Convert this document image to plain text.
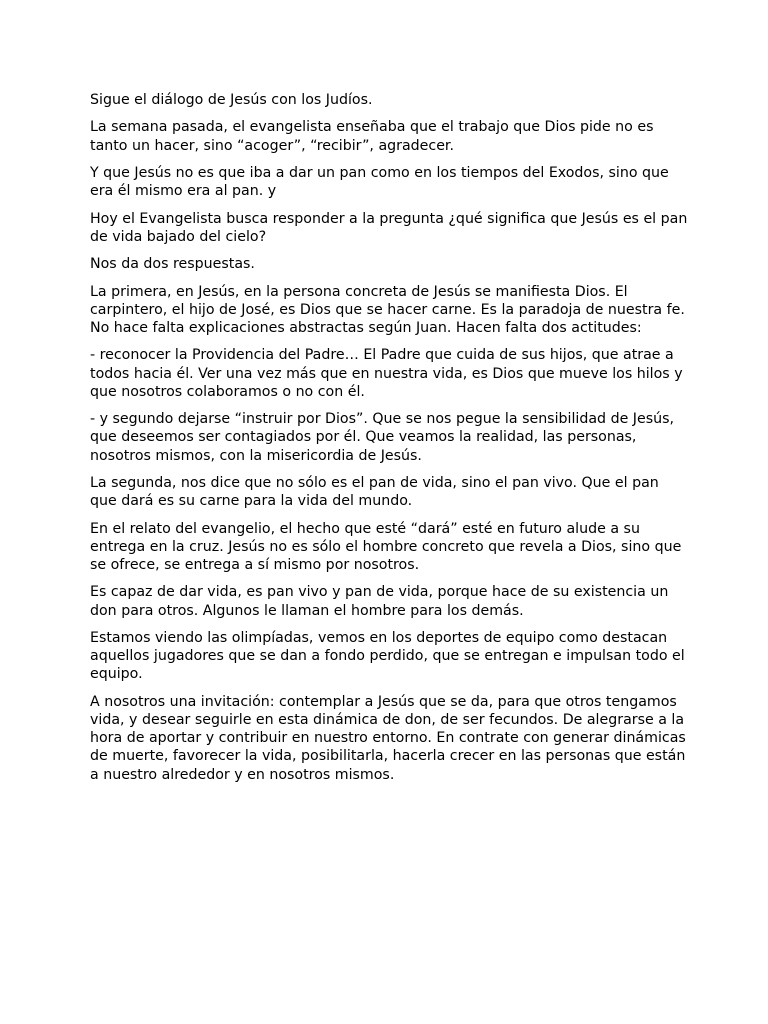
Sigue el diálogo de Jesús con los Judíos.

La semana pasada, el evangelista enseñaba que el trabajo que Dios pide no es tanto un hacer, sino “acoger”, “recibir”, agradecer.

Y que Jesús no es que iba a dar un pan como en los tiempos del Exodos, sino que era él mismo era al pan. y

Hoy el Evangelista busca responder a la pregunta ¿qué significa que Jesús es el pan de vida bajado del cielo?

Nos da dos respuestas.

La primera, en Jesús, en la persona concreta de Jesús se manifiesta Dios. El carpintero, el hijo de José, es Dios que se hacer carne. Es la paradoja de nuestra fe. No hace falta explicaciones abstractas según Juan. Hacen falta dos actitudes:

- reconocer la Providencia del Padre… El Padre que cuida de sus hijos, que atrae a todos hacia él. Ver una vez más que en nuestra vida, es Dios que mueve los hilos y que nosotros colaboramos o no con él.

- y segundo dejarse “instruir por Dios”. Que se nos pegue la sensibilidad de Jesús, que deseemos ser contagiados por él. Que veamos la realidad, las personas, nosotros mismos, con la misericordia de Jesús.

La segunda, nos dice que no sólo es el pan de vida, sino el pan vivo. Que el pan que dará es su carne para la vida del mundo.

En el relato del evangelio, el hecho que esté “dará” esté en futuro alude a su entrega en la cruz. Jesús no es sólo el hombre concreto que revela a Dios, sino que se ofrece, se entrega a sí mismo por nosotros.

Es capaz de dar vida, es pan vivo y pan de vida, porque hace de su existencia un don para otros. Algunos le llaman el hombre para los demás.

Estamos viendo las olimpíadas, vemos en los deportes de equipo como destacan aquellos jugadores que se dan a fondo perdido, que se entregan e impulsan todo el equipo.

A nosotros una invitación: contemplar a Jesús que se da, para que otros tengamos vida, y desear seguirle en esta dinámica de don, de ser fecundos. De alegrarse a la hora de aportar y contribuir en nuestro entorno. En contrate con generar dinámicas de muerte, favorecer la vida, posibilitarla, hacerla crecer en las personas que están a nuestro alrededor y en nosotros mismos.
